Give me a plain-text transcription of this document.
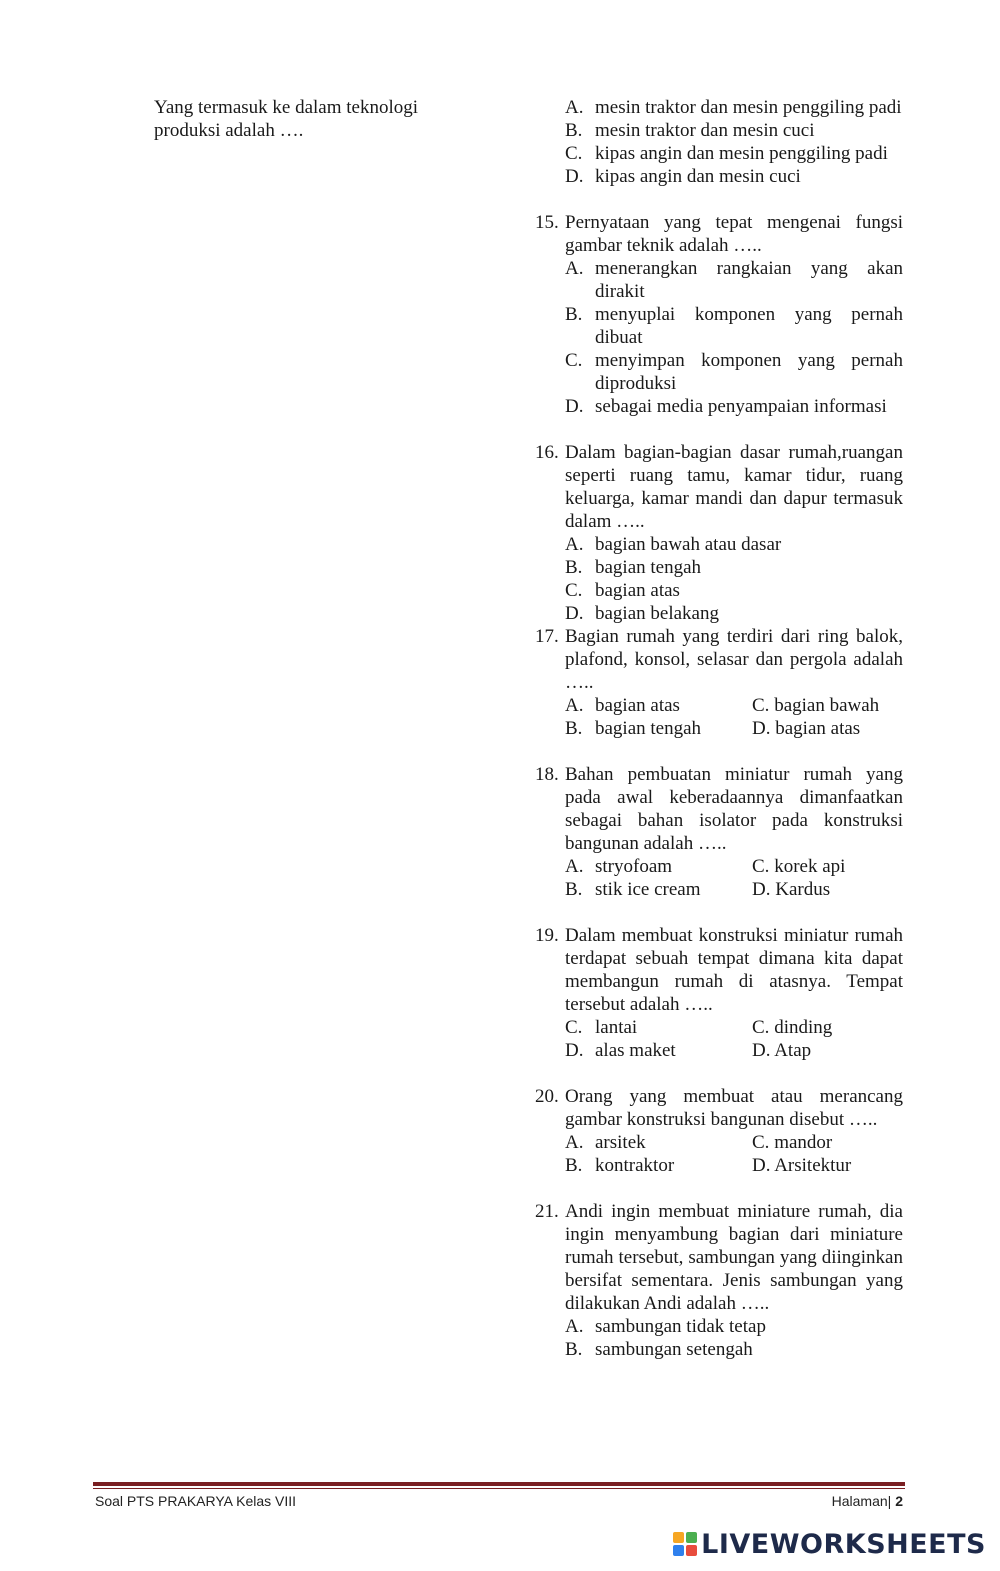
Yang termasuk ke dalam teknologi

produksi adalah ….

A. mesin traktor dan mesin penggiling padi
B. mesin traktor dan mesin cuci
C. kipas angin dan mesin penggiling padi
D. kipas angin dan mesin cuci
15. Pernyataan yang tepat mengenai fungsi gambar teknik adalah …..
A. menerangkan rangkaian yang akan dirakit
B. menyuplai komponen yang pernah dibuat
C. menyimpan komponen yang pernah diproduksi
D. sebagai media penyampaian informasi
16. Dalam bagian-bagian dasar rumah,ruangan seperti ruang tamu, kamar tidur, ruang keluarga, kamar mandi dan dapur termasuk dalam …..
A. bagian bawah atau dasar
B. bagian tengah
C. bagian atas
D. bagian belakang
17. Bagian rumah yang terdiri dari ring balok, plafond, konsol, selasar dan pergola adalah …..
A. bagian atas	C. bagian bawah
B. bagian tengah	D. bagian atas
18. Bahan pembuatan miniatur rumah yang pada awal keberadaannya dimanfaatkan sebagai bahan isolator pada konstruksi bangunan adalah …..
A. stryofoam	C. korek api
B. stik ice cream	D. Kardus
19. Dalam membuat konstruksi miniatur rumah terdapat sebuah tempat dimana kita dapat membangun rumah di atasnya. Tempat tersebut adalah …..
C. lantai	C. dinding
D. alas maket	D. Atap
20. Orang yang membuat atau merancang gambar konstruksi bangunan disebut …..
A. arsitek	C. mandor
B. kontraktor	D. Arsitektur
21. Andi ingin membuat miniature rumah, dia ingin menyambung bagian dari miniature rumah tersebut, sambungan yang diinginkan bersifat sementara. Jenis sambungan yang dilakukan Andi adalah …..
A. sambungan tidak tetap
B. sambungan setengah
Soal PTS PRAKARYA Kelas VIII	Halaman| 2
LIVEWORKSHEETS
